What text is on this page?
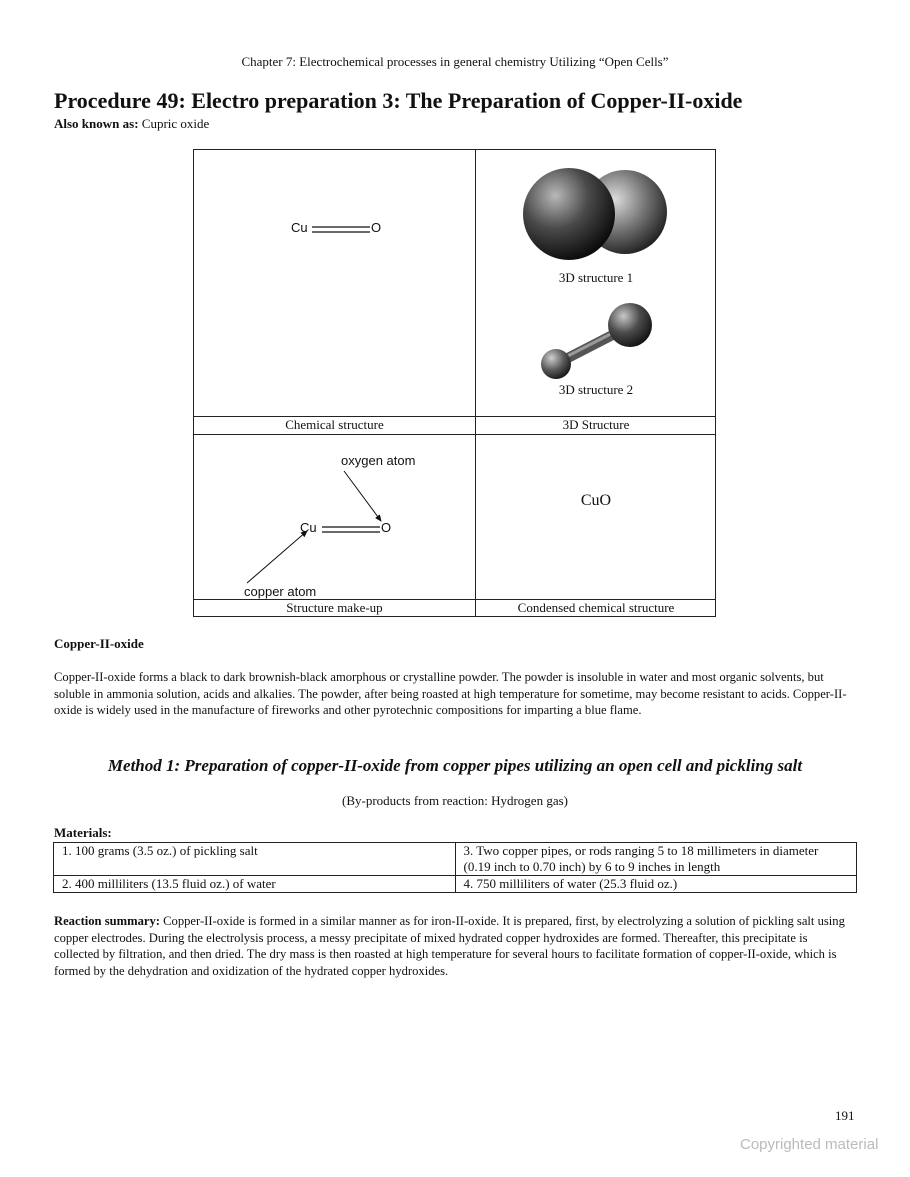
Chapter 7: Electrochemical processes in general chemistry Utilizing “Open Cells”
Procedure 49: Electro preparation 3: The Preparation of Copper-II-oxide
Also known as: Cupric oxide
Cu	O
3D structure 1
3D structure 2
Chemical structure	3D Structure
oxygen atom
Cu	O
copper atom
CuO
Structure make-up	Condensed chemical structure
Copper-II-oxide
Copper-II-oxide forms a black to dark brownish-black amorphous or crystalline powder. The powder is insoluble in water and most organic solvents, but soluble in ammonia solution, acids and alkalies. The powder, after being roasted at high temperature for sometime, may become resistant to acids. Copper-II-oxide is widely used in the manufacture of fireworks and other pyrotechnic compositions for imparting a blue flame.
Method 1: Preparation of copper-II-oxide from copper pipes utilizing an open cell and pickling salt
(By-products from reaction: Hydrogen gas)
Materials:
1. 100 grams (3.5 oz.) of pickling salt	3. Two copper pipes, or rods ranging 5 to 18 millimeters in diameter (0.19 inch to 0.70 inch) by 6 to 9 inches in length
2. 400 milliliters (13.5 fluid oz.) of water	4. 750 milliliters of water (25.3 fluid oz.)
Reaction summary: Copper-II-oxide is formed in a similar manner as for iron-II-oxide. It is prepared, first, by electrolyzing a solution of pickling salt using copper electrodes. During the electrolysis process, a messy precipitate of mixed hydrated copper hydroxides are formed. Thereafter, this precipitate is collected by filtration, and then dried. The dry mass is then roasted at high temperature for several hours to facilitate formation of copper-II-oxide, which is formed by the dehydration and oxidization of the hydrated copper hydroxides.
191
Copyrighted material
